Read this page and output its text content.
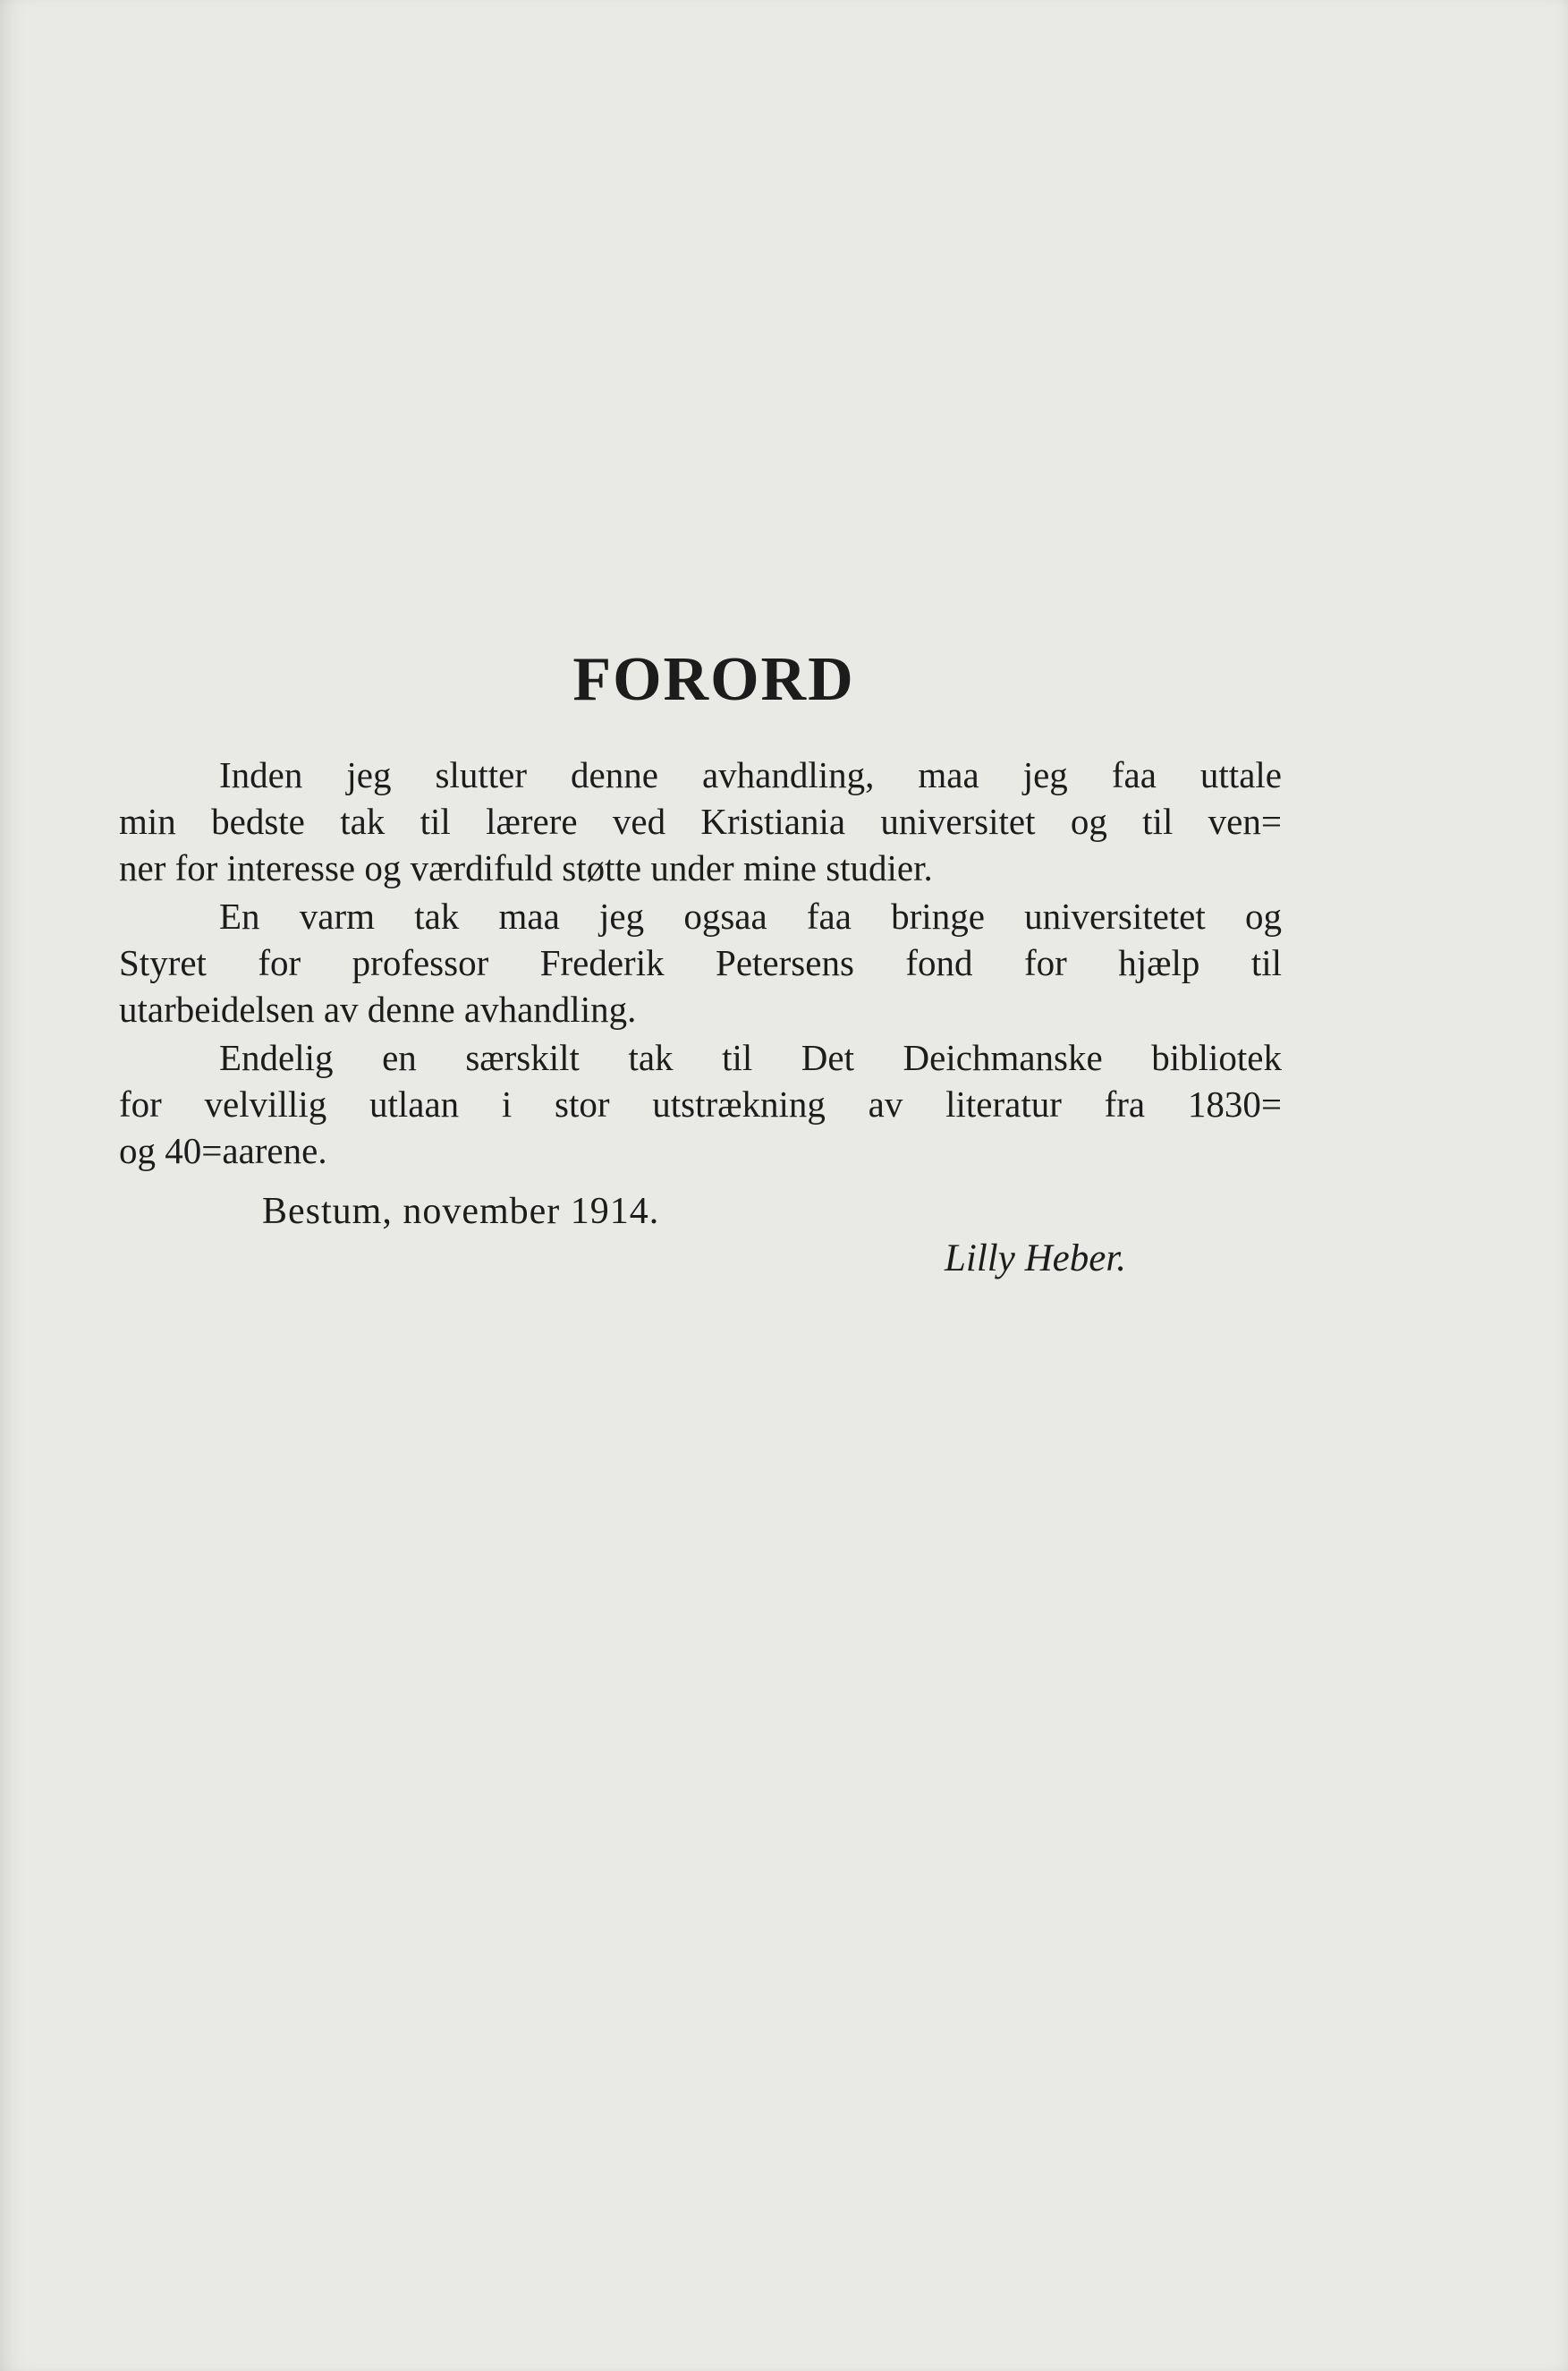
FORORD

Inden jeg slutter denne avhandling, maa jeg faa uttale
min bedste tak til lærere ved Kristiania universitet og til ven=
ner for interesse og værdifuld støtte under mine studier.

En varm tak maa jeg ogsaa faa bringe universitetet og
Styret for professor Frederik Petersens fond for hjælp til
utarbeidelsen av denne avhandling.

Endelig en særskilt tak til Det Deichmanske bibliotek
for velvillig utlaan i stor utstrækning av literatur fra 1830=
og 40=aarene.

Bestum, november 1914.
Lilly Heber.
